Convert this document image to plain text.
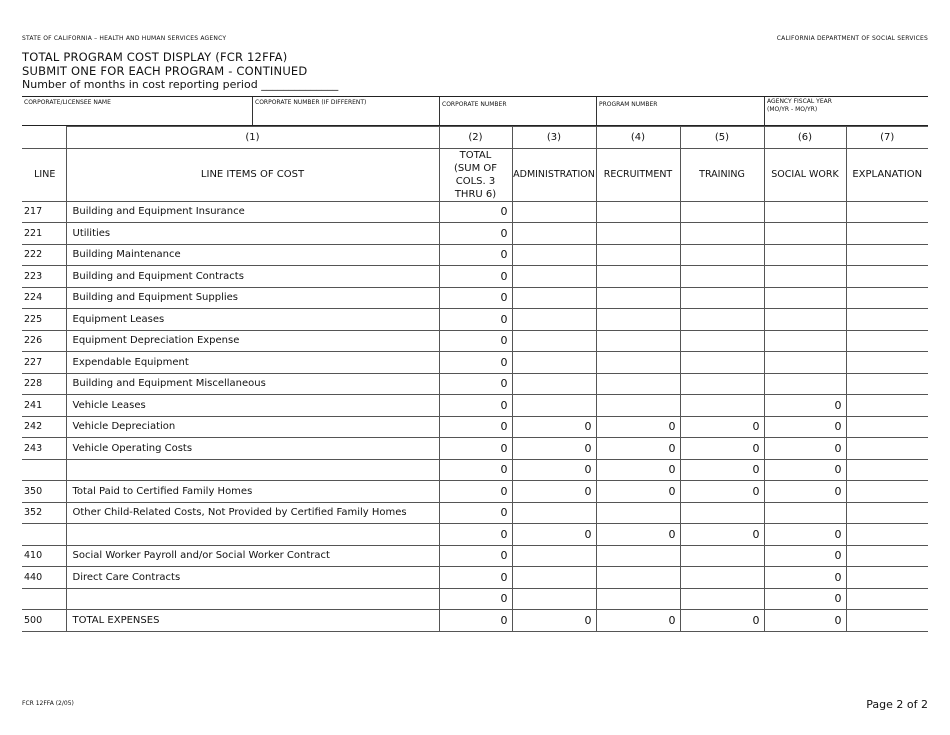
STATE OF CALIFORNIA – HEALTH AND HUMAN SERVICES AGENCY	CALIFORNIA DEPARTMENT OF SOCIAL SERVICES
TOTAL PROGRAM COST DISPLAY (FCR 12FFA)
SUBMIT ONE FOR EACH PROGRAM - CONTINUED
Number of months in cost reporting period ______________
CORPORATE/LICENSEE NAME	CORPORATE NUMBER (IF DIFFERENT)	CORPORATE NUMBER	PROGRAM NUMBER	AGENCY FISCAL YEAR
(MO/YR - MO/YR)
	(1)	(2)	(3)	(4)	(5)	(6)	(7)
LINE	LINE ITEMS OF COST	TOTAL (SUM OF COLS. 3 THRU 6)	ADMINISTRATION	RECRUITMENT	TRAINING	SOCIAL WORK	EXPLANATION
217	Building and Equipment Insurance	0					
221	Utilities	0					
222	Building Maintenance	0					
223	Building and Equipment Contracts	0					
224	Building and Equipment Supplies	0					
225	Equipment Leases	0					
226	Equipment Depreciation Expense	0					
227	Expendable Equipment	0					
228	Building and Equipment Miscellaneous	0					
241	Vehicle Leases	0				0	
242	Vehicle Depreciation	0	0	0	0	0	
243	Vehicle Operating Costs	0	0	0	0	0	
		0	0	0	0	0	
350	Total Paid to Certified Family Homes	0	0	0	0	0	
352	Other Child-Related Costs, Not Provided by Certified Family Homes	0					
		0	0	0	0	0	
410	Social Worker Payroll and/or Social Worker Contract	0				0	
440	Direct Care Contracts	0				0	
		0				0	
500	TOTAL EXPENSES	0	0	0	0	0	
FCR 12FFA (2/05)	Page 2 of 2
